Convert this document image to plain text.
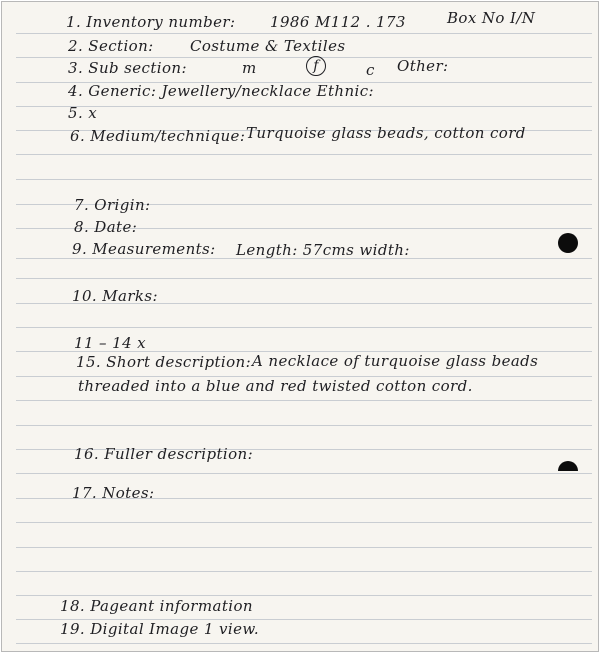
1. Inventory number: 1986 M112 . 173	Box No I/N
2. Section: Costume & Textiles
3. Sub section:	m	f	c Other:
4. Generic: Jewellery/necklace Ethnic:
5. x
6. Medium/technique: Turquoise glass beads, cotton cord
7. Origin:
8. Date:
9. Measurements: Length: 57cms width:
10. Marks:
11 – 14 x
15. Short description: A necklace of turquoise glass beads
threaded into a blue and red twisted cotton cord.
16. Fuller description:
17. Notes:
18. Pageant information
19. Digital Image 1 view.
